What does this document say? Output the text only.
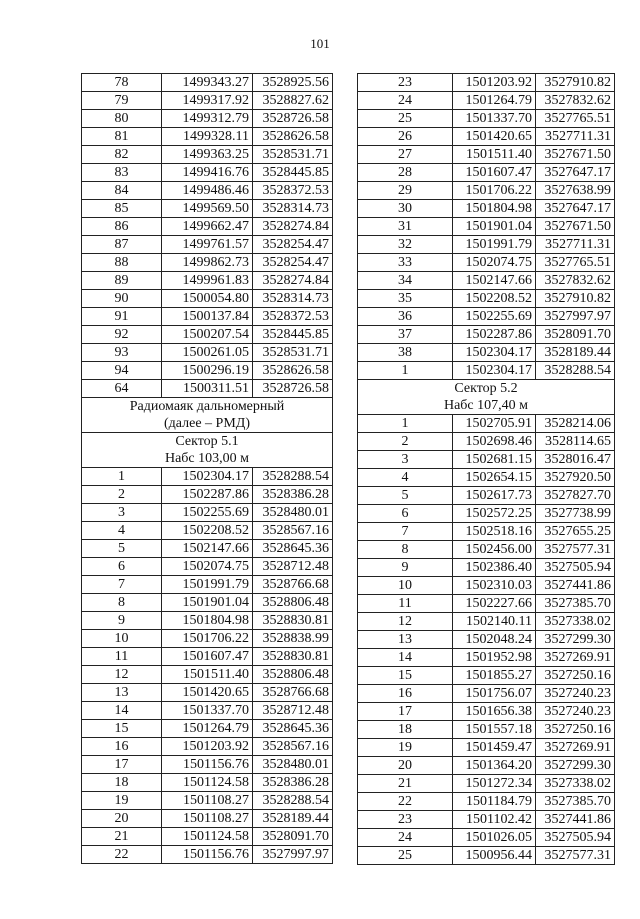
101
78	1499343.27	3528925.56
79	1499317.92	3528827.62
80	1499312.79	3528726.58
81	1499328.11	3528626.58
82	1499363.25	3528531.71
83	1499416.76	3528445.85
84	1499486.46	3528372.53
85	1499569.50	3528314.73
86	1499662.47	3528274.84
87	1499761.57	3528254.47
88	1499862.73	3528254.47
89	1499961.83	3528274.84
90	1500054.80	3528314.73
91	1500137.84	3528372.53
92	1500207.54	3528445.85
93	1500261.05	3528531.71
94	1500296.19	3528626.58
64	1500311.51	3528726.58
Радиомаяк дальномерный		
(далее – РМД)		
Сектор 5.1		
Нaбс 103,00 м		
1	1502304.17	3528288.54
2	1502287.86	3528386.28
3	1502255.69	3528480.01
4	1502208.52	3528567.16
5	1502147.66	3528645.36
6	1502074.75	3528712.48
7	1501991.79	3528766.68
8	1501901.04	3528806.48
9	1501804.98	3528830.81
10	1501706.22	3528838.99
11	1501607.47	3528830.81
12	1501511.40	3528806.48
13	1501420.65	3528766.68
14	1501337.70	3528712.48
15	1501264.79	3528645.36
16	1501203.92	3528567.16
17	1501156.76	3528480.01
18	1501124.58	3528386.28
19	1501108.27	3528288.54
20	1501108.27	3528189.44
21	1501124.58	3528091.70
22	1501156.76	3527997.97
23	1501203.92	3527910.82
24	1501264.79	3527832.62
25	1501337.70	3527765.51
26	1501420.65	3527711.31
27	1501511.40	3527671.50
28	1501607.47	3527647.17
29	1501706.22	3527638.99
30	1501804.98	3527647.17
31	1501901.04	3527671.50
32	1501991.79	3527711.31
33	1502074.75	3527765.51
34	1502147.66	3527832.62
35	1502208.52	3527910.82
36	1502255.69	3527997.97
37	1502287.86	3528091.70
38	1502304.17	3528189.44
1	1502304.17	3528288.54
Сектор 5.2		
Нaбс 107,40 м		
1	1502705.91	3528214.06
2	1502698.46	3528114.65
3	1502681.15	3528016.47
4	1502654.15	3527920.50
5	1502617.73	3527827.70
6	1502572.25	3527738.99
7	1502518.16	3527655.25
8	1502456.00	3527577.31
9	1502386.40	3527505.94
10	1502310.03	3527441.86
11	1502227.66	3527385.70
12	1502140.11	3527338.02
13	1502048.24	3527299.30
14	1501952.98	3527269.91
15	1501855.27	3527250.16
16	1501756.07	3527240.23
17	1501656.38	3527240.23
18	1501557.18	3527250.16
19	1501459.47	3527269.91
20	1501364.20	3527299.30
21	1501272.34	3527338.02
22	1501184.79	3527385.70
23	1501102.42	3527441.86
24	1501026.05	3527505.94
25	1500956.44	3527577.31
